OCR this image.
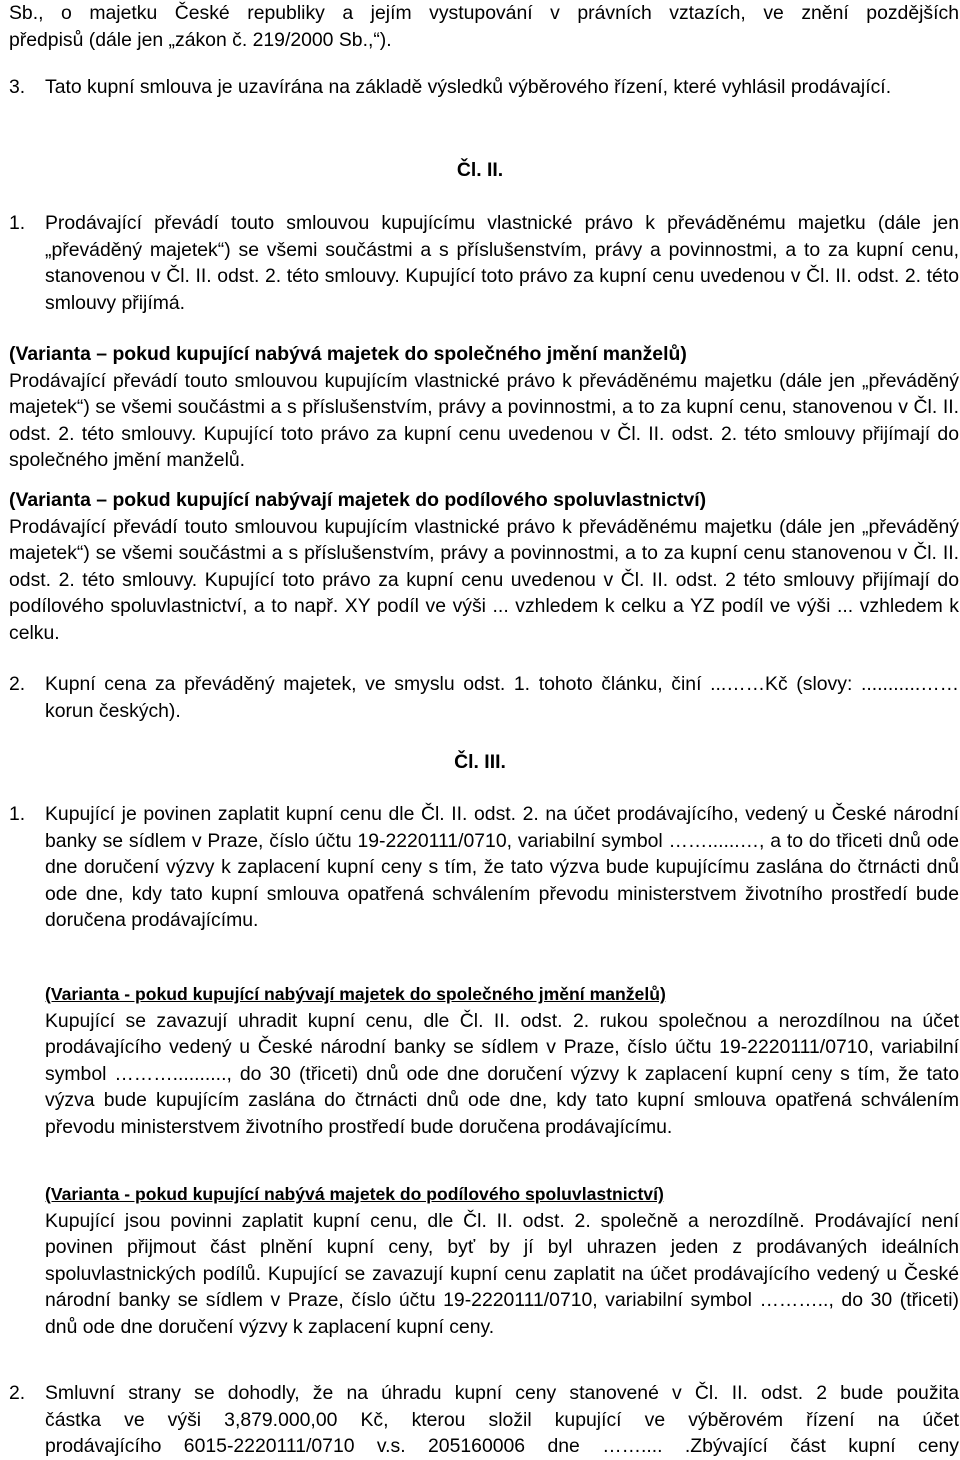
Sb., o majetku České republiky a jejím vystupování v právních vztazích, ve znění pozdějších
předpisů (dále jen „zákon č. 219/2000 Sb.,“).

3.	Tato kupní smlouva je uzavírána na základě výsledků výběrového řízení, které vyhlásil prodávající.

Čl. II.

1.	Prodávající převádí touto smlouvou kupujícímu vlastnické právo k převáděnému majetku (dále jen „převáděný majetek“) se všemi součástmi a s příslušenstvím, právy a povinnostmi, a to za kupní cenu, stanovenou v Čl. II. odst. 2. této smlouvy. Kupující toto právo za kupní cenu uvedenou v Čl. II. odst. 2. této smlouvy přijímá.
(Varianta – pokud kupující nabývá majetek do společného jmění manželů)
Prodávající převádí touto smlouvou kupujícím vlastnické právo k převáděnému majetku (dále jen „převáděný majetek“) se všemi součástmi a s příslušenstvím, právy a povinnostmi, a to za kupní cenu, stanovenou v Čl. II. odst. 2. této smlouvy. Kupující toto právo za kupní cenu uvedenou v Čl. II. odst. 2. této smlouvy přijímají do společného jmění manželů.
(Varianta – pokud kupující nabývají majetek do podílového spoluvlastnictví)
Prodávající převádí touto smlouvou kupujícím vlastnické právo k převáděnému majetku (dále jen „převáděný majetek“) se všemi součástmi a s příslušenstvím, právy a povinnostmi, a to za kupní cenu stanovenou v Čl. II. odst. 2. této smlouvy. Kupující toto právo za kupní cenu uvedenou v Čl. II. odst. 2 této smlouvy přijímají do podílového spoluvlastnictví, a to např. XY podíl ve výši ... vzhledem k celku a YZ podíl ve výši ... vzhledem k celku.
2.	Kupní cena za převáděný majetek, ve smyslu odst. 1. tohoto článku, činí ...……Kč (slovy: ...........…… korun českých).

Čl. III.

1.	Kupující je povinen zaplatit kupní cenu dle Čl. II. odst. 2. na účet prodávajícího, vedený u České národní banky se sídlem v Praze, číslo účtu 19-2220111/0710, variabilní symbol ……......…, a to do třiceti dnů ode dne doručení výzvy k zaplacení kupní ceny s tím, že tato výzva bude kupujícímu zaslána do čtrnácti dnů ode dne, kdy tato kupní smlouva opatřená schválením převodu ministerstvem životního prostředí bude doručena prodávajícímu.
(Varianta - pokud kupující nabývají majetek do společného jmění manželů)
Kupující se zavazují uhradit kupní cenu, dle Čl. II. odst. 2. rukou společnou a nerozdílnou na účet prodávajícího vedený u České národní banky se sídlem v Praze, číslo účtu 19-2220111/0710, variabilní symbol ……….........., do 30 (třiceti) dnů ode dne doručení výzvy k zaplacení kupní ceny s tím, že tato výzva bude kupujícím zaslána do čtrnácti dnů ode dne, kdy tato kupní smlouva opatřená schválením převodu ministerstvem životního prostředí bude doručena prodávajícímu.
(Varianta - pokud kupující nabývá majetek do podílového spoluvlastnictví)
Kupující jsou povinni zaplatit kupní cenu, dle Čl. II. odst. 2. společně a nerozdílně. Prodávající není povinen přijmout část plnění kupní ceny, byť by jí byl uhrazen jeden z prodávaných ideálních spoluvlastnických podílů. Kupující se zavazují kupní cenu zaplatit na účet prodávajícího vedený u České národní banky se sídlem v Praze, číslo účtu 19-2220111/0710, variabilní symbol ……….., do 30 (třiceti) dnů ode dne doručení výzvy k zaplacení kupní ceny.
2.	Smluvní strany se dohodly, že na úhradu kupní ceny stanovené v Čl. II. odst. 2 bude použita
částka ve výši 3,879.000,00 Kč, kterou složil kupující ve výběrovém řízení na účet
prodávajícího 6015-2220111/0710 v.s. 205160006 dne …….... .Zbývající část kupní ceny
